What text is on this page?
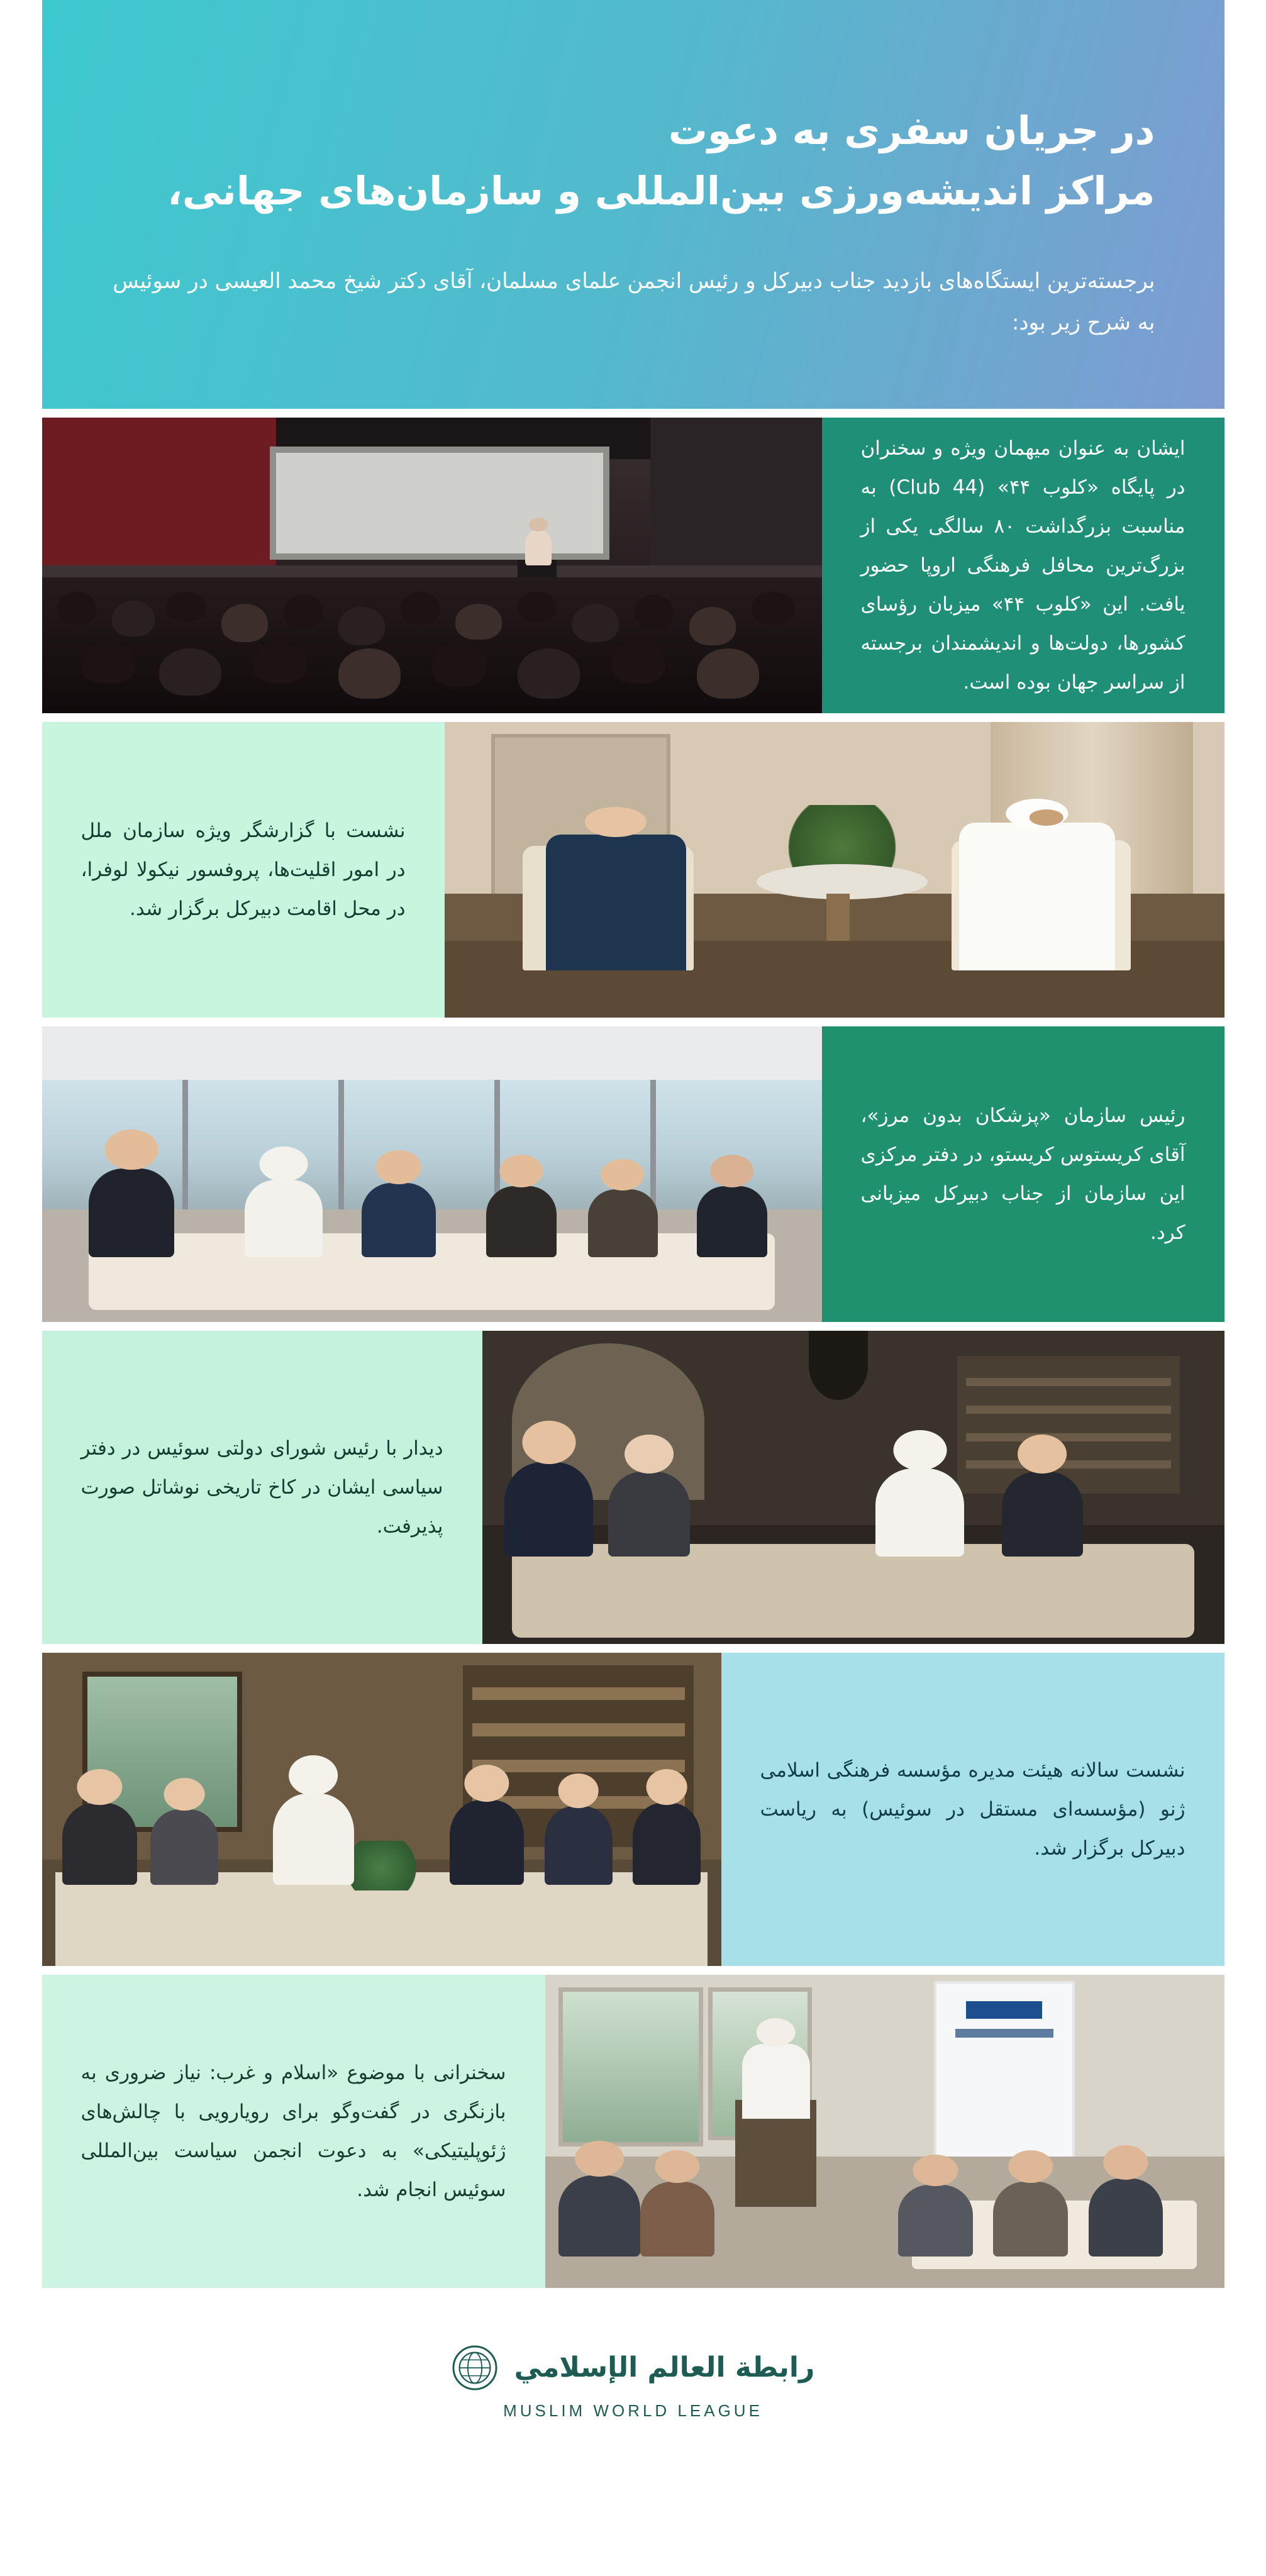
در جریان سفری به دعوت
مراکز اندیشه‌ورزی بین‌المللی و سازمان‌های جهانی،
برجسته‌ترین ایستگاه‌های بازدید جناب دبیرکل و رئیس انجمن علمای مسلمان، آقای دکتر شیخ محمد العیسی در سوئیس به شرح زیر بود:
ایشان به عنوان میهمان ویژه و سخنران در پایگاه «کلوب ۴۴» (44 Club) به مناسبت بزرگداشت ۸۰ سالگی یکی از بزرگ‌ترین محافل فرهنگی اروپا حضور یافت. این «کلوب ۴۴» میزبان رؤسای کشورها، دولت‌ها و اندیشمندان برجسته از سراسر جهان بوده است.
نشست با گزارشگر ویژه سازمان ملل در امور اقلیت‌ها، پروفسور نیکولا لوفرا، در محل اقامت دبیرکل برگزار شد.
رئیس سازمان «پزشکان بدون مرز»، آقای کریستوس کریستو، در دفتر مرکزی این سازمان از جناب دبیرکل میزبانی کرد.
دیدار با رئیس شورای دولتی سوئیس در دفتر سیاسی ایشان در کاخ تاریخی نوشاتل صورت پذیرفت.
نشست سالانه هیئت مدیره مؤسسه فرهنگی اسلامی ژنو (مؤسسه‌ای مستقل در سوئیس) به ریاست دبیرکل برگزار شد.
سخنرانی با موضوع «اسلام و غرب: نیاز ضروری به بازنگری در گفت‌وگو برای رویارویی با چالش‌های ژئوپلیتیکی» به دعوت انجمن سیاست بین‌المللی سوئیس انجام شد.
رابطة العالم الإسلامي
MUSLIM WORLD LEAGUE
